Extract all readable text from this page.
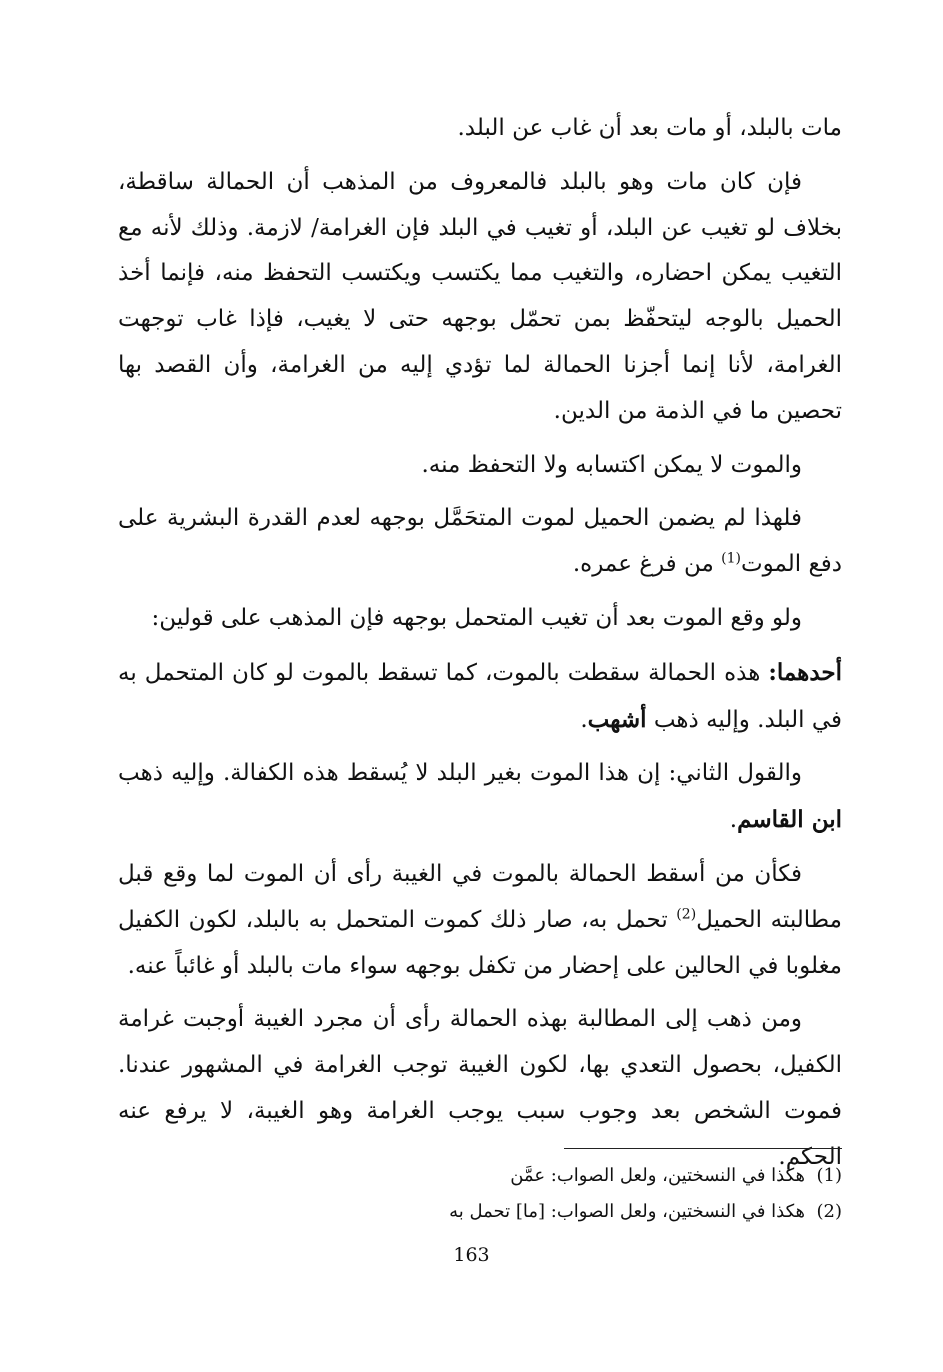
مات بالبلد، أو مات بعد أن غاب عن البلد.

فإن كان مات وهو بالبلد فالمعروف من المذهب أن الحمالة ساقطة، بخلاف لو تغيب عن البلد، أو تغيب في البلد فإن الغرامة/ لازمة. وذلك لأنه مع التغيب يمكن احضاره، والتغيب مما يكتسب ويكتسب التحفظ منه، فإنما أخذ الحميل بالوجه ليتحفّظ بمن تحمّل بوجهه حتى لا يغيب، فإذا غاب توجهت الغرامة، لأنا إنما أجزنا الحمالة لما تؤدي إليه من الغرامة، وأن القصد بها تحصين ما في الذمة من الدين.

والموت لا يمكن اكتسابه ولا التحفظ منه.

فلهذا لم يضمن الحميل لموت المتحَمَّل بوجهه لعدم القدرة البشرية على دفع الموت$^{(1)}$ من فرغ عمره.

ولو وقع الموت بعد أن تغيب المتحمل بوجهه فإن المذهب على قولين:

أحدهما: هذه الحمالة سقطت بالموت، كما تسقط بالموت لو كان المتحمل به في البلد. وإليه ذهب أشهب.

والقول الثاني: إن هذا الموت بغير البلد لا يُسقط هذه الكفالة. وإليه ذهب ابن القاسم.

فكأن من أسقط الحمالة بالموت في الغيبة رأى أن الموت لما وقع قبل مطالبته الحميل$^{(2)}$ تحمل به، صار ذلك كموت المتحمل به بالبلد، لكون الكفيل مغلوبا في الحالين على إحضار من تكفل بوجهه سواء مات بالبلد أو غائباً عنه.

ومن ذهب إلى المطالبة بهذه الحمالة رأى أن مجرد الغيبة أوجبت غرامة الكفيل، بحصول التعدي بها، لكون الغيبة توجب الغرامة في المشهور عندنا. فموت الشخص بعد وجوب سبب يوجب الغرامة وهو الغيبة، لا يرفع عنه الحكم.

(1)  هكذا في النسختين، ولعل الصواب: عمَّن

(2)  هكذا في النسختين، ولعل الصواب: [ما] تحمل به

163
